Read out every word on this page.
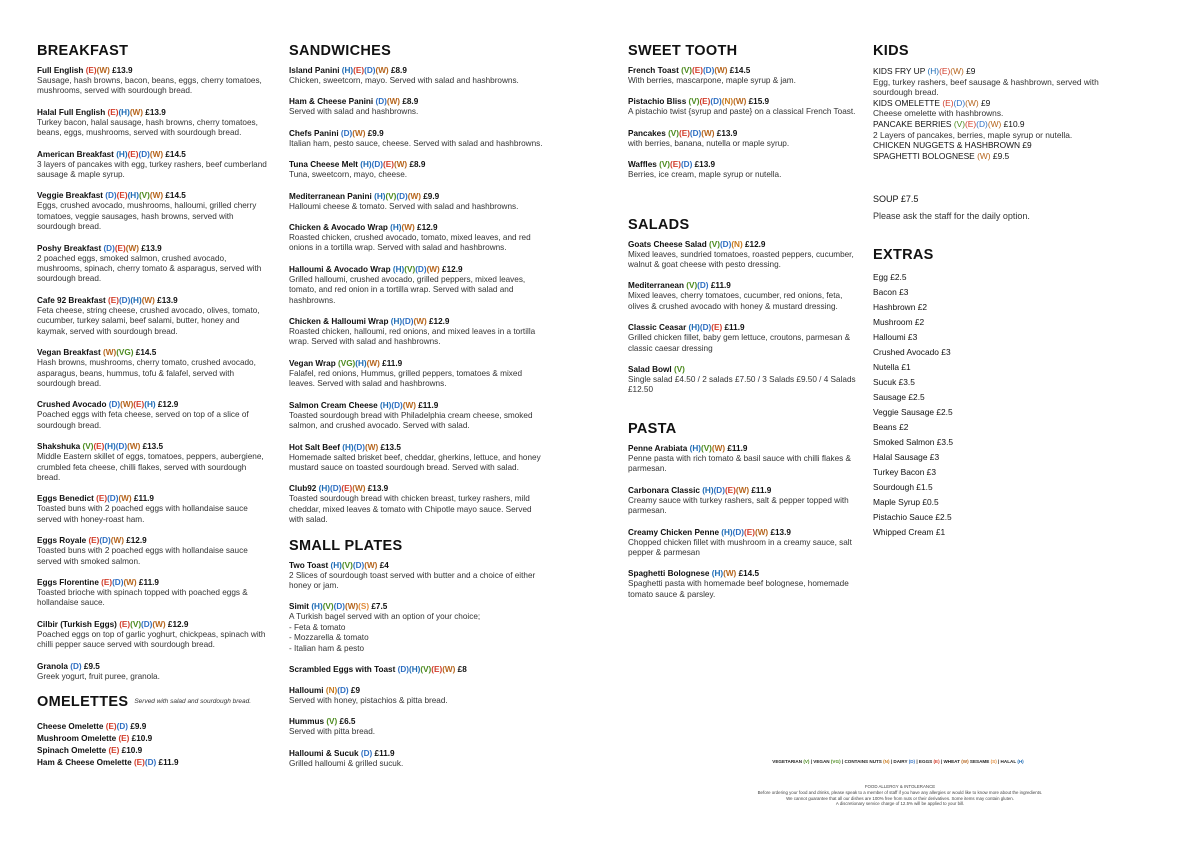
BREAKFAST
Full English (E)(W) £13.9
Sausage, hash browns, bacon, beans, eggs, cherry tomatoes, mushrooms, served with sourdough bread.
Halal Full English (E)(H)(W) £13.9
Turkey bacon, halal sausage, hash browns, cherry tomatoes, beans, eggs, mushrooms, served with sourdough bread.
American Breakfast (H)(E)(D)(W) £14.5
3 layers of pancakes with egg, turkey rashers, beef cumberland sausage & maple syrup.
Veggie Breakfast (D)(E)(H)(V)(W) £14.5
Eggs, crushed avocado, mushrooms, halloumi, grilled cherry tomatoes, veggie sausages, hash browns, served with sourdough bread.
Poshy Breakfast (D)(E)(W) £13.9
2 poached eggs, smoked salmon, crushed avocado, mushrooms, spinach, cherry tomato & asparagus, served with sourdough bread.
Cafe 92 Breakfast (E)(D)(H)(W) £13.9
Feta cheese, string cheese, crushed avocado, olives, tomato, cucumber, turkey salami, beef salami, butter, honey and kaymak, served with sourdough bread.
Vegan Breakfast (W)(VG) £14.5
Hash browns, mushrooms, cherry tomato, crushed avocado, asparagus, beans, hummus, tofu & falafel, served with sourdough bread.
Crushed Avocado (D)(W)(E)(H) £12.9
Poached eggs with feta cheese, served on top of a slice of sourdough bread.
Shakshuka (V)(E)(H)(D)(W) £13.5
Middle Eastern skillet of eggs, tomatoes, peppers, aubergiene, crumbled feta cheese, chilli flakes, served with sourdough bread.
Eggs Benedict (E)(D)(W) £11.9
Toasted buns with 2 poached eggs with hollandaise sauce served with honey-roast ham.
Eggs Royale (E)(D)(W) £12.9
Toasted buns with 2 poached eggs with hollandaise sauce served with smoked salmon.
Eggs Florentine (E)(D)(W) £11.9
Toasted brioche with spinach topped with poached eggs & hollandaise sauce.
Cilbir (Turkish Eggs) (E)(V)(D)(W) £12.9
Poached eggs on top of garlic yoghurt, chickpeas, spinach with chilli pepper sauce served with sourdough bread.
Granola (D) £9.5
Greek yogurt, fruit puree, granola.
OMELETTES Served with salad and sourdough bread.
Cheese Omelette (E)(D) £9.9
Mushroom Omelette (E) £10.9
Spinach Omelette (E) £10.9
Ham & Cheese Omelette (E)(D) £11.9
SANDWICHES
Island Panini (H)(E)(D)(W) £8.9
Chicken, sweetcorn, mayo. Served with salad and hashbrowns.
Ham & Cheese Panini (D)(W) £8.9
Served with salad and hashbrowns.
Chefs Panini (D)(W) £9.9
Italian ham, pesto sauce, cheese. Served with salad and hashbrowns.
Tuna Cheese Melt (H)(D)(E)(W) £8.9
Tuna, sweetcorn, mayo, cheese.
Mediterranean Panini (H)(V)(D)(W) £9.9
Halloumi cheese & tomato. Served with salad and hashbrowns.
Chicken & Avocado Wrap (H)(W) £12.9
Roasted chicken, crushed avocado, tomato, mixed leaves, and red onions in a tortilla wrap. Served with salad and hashbrowns.
Halloumi & Avocado Wrap (H)(V)(D)(W) £12.9
Grilled halloumi, crushed avocado, grilled peppers, mixed leaves, tomato, and red onion in a tortilla wrap. Served with salad and hashbrowns.
Chicken & Halloumi Wrap (H)(D)(W) £12.9
Roasted chicken, halloumi, red onions, and mixed leaves in a tortilla wrap. Served with salad and hashbrowns.
Vegan Wrap (VG)(H)(W) £11.9
Falafel, red onions, Hummus, grilled peppers, tomatoes & mixed leaves. Served with salad and hashbrowns.
Salmon Cream Cheese (H)(D)(W) £11.9
Toasted sourdough bread with Philadelphia cream cheese, smoked salmon, and crushed avocado. Served with salad.
Hot Salt Beef (H)(D)(W) £13.5
Homemade salted brisket beef, cheddar, gherkins, lettuce, and honey mustard sauce on toasted sourdough bread. Served with salad.
Club92 (H)(D)(E)(W) £13.9
Toasted sourdough bread with chicken breast, turkey rashers, mild cheddar, mixed leaves & tomato with Chipotle mayo sauce. Served with salad.
SMALL PLATES
Two Toast (H)(V)(D)(W) £4
2 Slices of sourdough toast served with butter and a choice of either honey or jam.
Simit (H)(V)(D)(W)(S) £7.5
A Turkish bagel served with an option of your choice;
- Feta & tomato
- Mozzarella & tomato
- Italian ham & pesto
Scrambled Eggs with Toast (D)(H)(V)(E)(W) £8
Halloumi (N)(D) £9
Served with honey, pistachios & pitta bread.
Hummus (V) £6.5
Served with pitta bread.
Halloumi & Sucuk (D) £11.9
Grilled halloumi & grilled sucuk.
SWEET TOOTH
French Toast (V)(E)(D)(W) £14.5
With berries, mascarpone, maple syrup & jam.
Pistachio Bliss (V)(E)(D)(N)(W) £15.9
A pistachio twist {syrup and paste} on a classical French Toast.
Pancakes (V)(E)(D)(W) £13.9
with berries, banana, nutella or maple syrup.
Waffles (V)(E)(D) £13.9
Berries, ice cream, maple syrup or nutella.
SALADS
Goats Cheese Salad (V)(D)(N) £12.9
Mixed leaves, sundried tomatoes, roasted peppers, cucumber, walnut & goat cheese with pesto dressing.
Mediterranean (V)(D) £11.9
Mixed leaves, cherry tomatoes, cucumber, red onions, feta, olives & crushed avocado with honey & mustard dressing.
Classic Ceasar (H)(D)(E) £11.9
Grilled chicken fillet, baby gem lettuce, croutons, parmesan & classic caesar dressing
Salad Bowl (V)
Single salad £4.50 / 2 salads £7.50 / 3 Salads £9.50 / 4 Salads £12.50
PASTA
Penne Arabiata (H)(V)(W) £11.9
Penne pasta with rich tomato & basil sauce with chilli flakes & parmesan.
Carbonara Classic (H)(D)(E)(W) £11.9
Creamy sauce with turkey rashers, salt & pepper topped with parmesan.
Creamy Chicken Penne (H)(D)(E)(W) £13.9
Chopped chicken fillet with mushroom in a creamy sauce, salt pepper & parmesan
Spaghetti Bolognese (H)(W) £14.5
Spaghetti pasta with homemade beef bolognese, homemade tomato sauce & parsley.
KIDS
KIDS FRY UP (H)(E)(W) £9
Egg, turkey rashers, beef sausage & hashbrown, served with sourdough bread.
KIDS OMELETTE (E)(D)(W) £9
Cheese omelette with hashbrowns.
PANCAKE BERRIES (V)(E)(D)(W) £10.9
2 Layers of pancakes, berries, maple syrup or nutella.
CHICKEN NUGGETS & HASHBROWN £9
SPAGHETTI BOLOGNESE (W) £9.5
SOUP £7.5
Please ask the staff for the daily option.
EXTRAS
Egg £2.5
Bacon £3
Hashbrown £2
Mushroom £2
Halloumi £3
Crushed Avocado £3
Nutella £1
Sucuk £3.5
Sausage £2.5
Veggie Sausage £2.5
Beans £2
Smoked Salmon £3.5
Halal Sausage £3
Turkey Bacon £3
Sourdough £1.5
Maple Syrup £0.5
Pistachio Sauce £2.5
Whipped Cream £1
VEGETARIAN (V) | VEGAN (VG) | CONTAINS NUTS (N) | DAIRY (D) | EGGS (E) | WHEAT (W) SESAME (S) | HALAL (H)
FOOD ALLERGY & INTOLERANCE
Before ordering your food and drinks, please speak to a member of staff if you have any allergies or would like to know more about the ingredients.
We cannot guarantee that all our dishes are 100% free from nuts or their derivatives. Some items may contain gluten.
A discretionary service charge of 12.5% will be applied to your bill.
